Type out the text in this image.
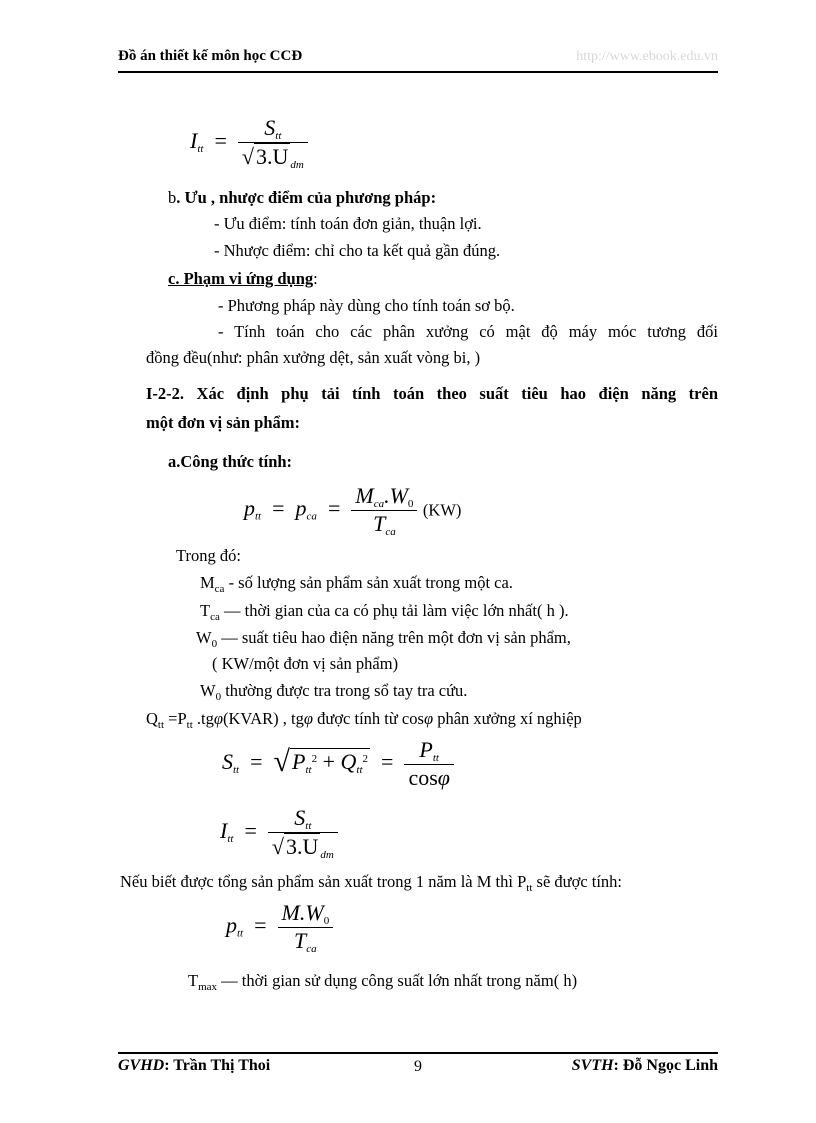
Đồ án thiết kế môn học CCĐ	http://www.ebook.edu.vn
$I_{tt} = \frac{S_{tt}}{√3.U _{dm}}$
b. Ưu , nhược điểm của phương pháp:
- Ưu điểm: tính toán đơn giản, thuận lợi.
- Nhược điểm: chỉ cho ta kết quả gần đúng.
c. Phạm vi ứng dụng:
- Phương pháp này dùng cho tính toán sơ bộ.
- Tính toán cho các phân xưởng có mật độ máy móc tương đối
đồng đều(như: phân xưởng dệt, sản xuất vòng bi, )
I-2-2. Xác định phụ tải tính toán theo suất tiêu hao điện năng trên
một đơn vị sản phẩm:
a.Công thức tính:
$p_{tt} = p_{ca} = \frac{M_{ca}.W0}{T_{ca}} (KW)$
Trong đó:
$M_{ca}$ - số lượng sản phẩm sản xuất trong một ca.
$T_{ca}$ — thời gian của ca có phụ tải làm việc lớn nhất( h ).
$W_0$ — suất tiêu hao điện năng trên một đơn vị sản phẩm,
( KW/một đơn vị sản phẩm)
$W_0$ thường được tra trong sổ tay tra cứu.
$Q_{tt} =P_{tt}$ .tgφ(KVAR) , tgφ được tính từ cosφ phân xưởng xí nghiệp
$S_{tt} = √P_{tt}^2 + Q_{tt}^2 = \frac{P_{tt}}{\cos\varphi}$
$I_{tt} = \frac{S_{tt}}{√3.U _{dm}}$
Nếu biết được tổng sản phẩm sản xuất trong 1 năm là M thì $P_{tt}$ sẽ được tính:
$p_{tt} = \frac{M.W0}{T_{ca}}$
$T_{max}$ — thời gian sử dụng công suất lớn nhất trong năm( h)
GVHD: Trần Thị Thoi	9	SVTH: Đỗ Ngọc Linh
